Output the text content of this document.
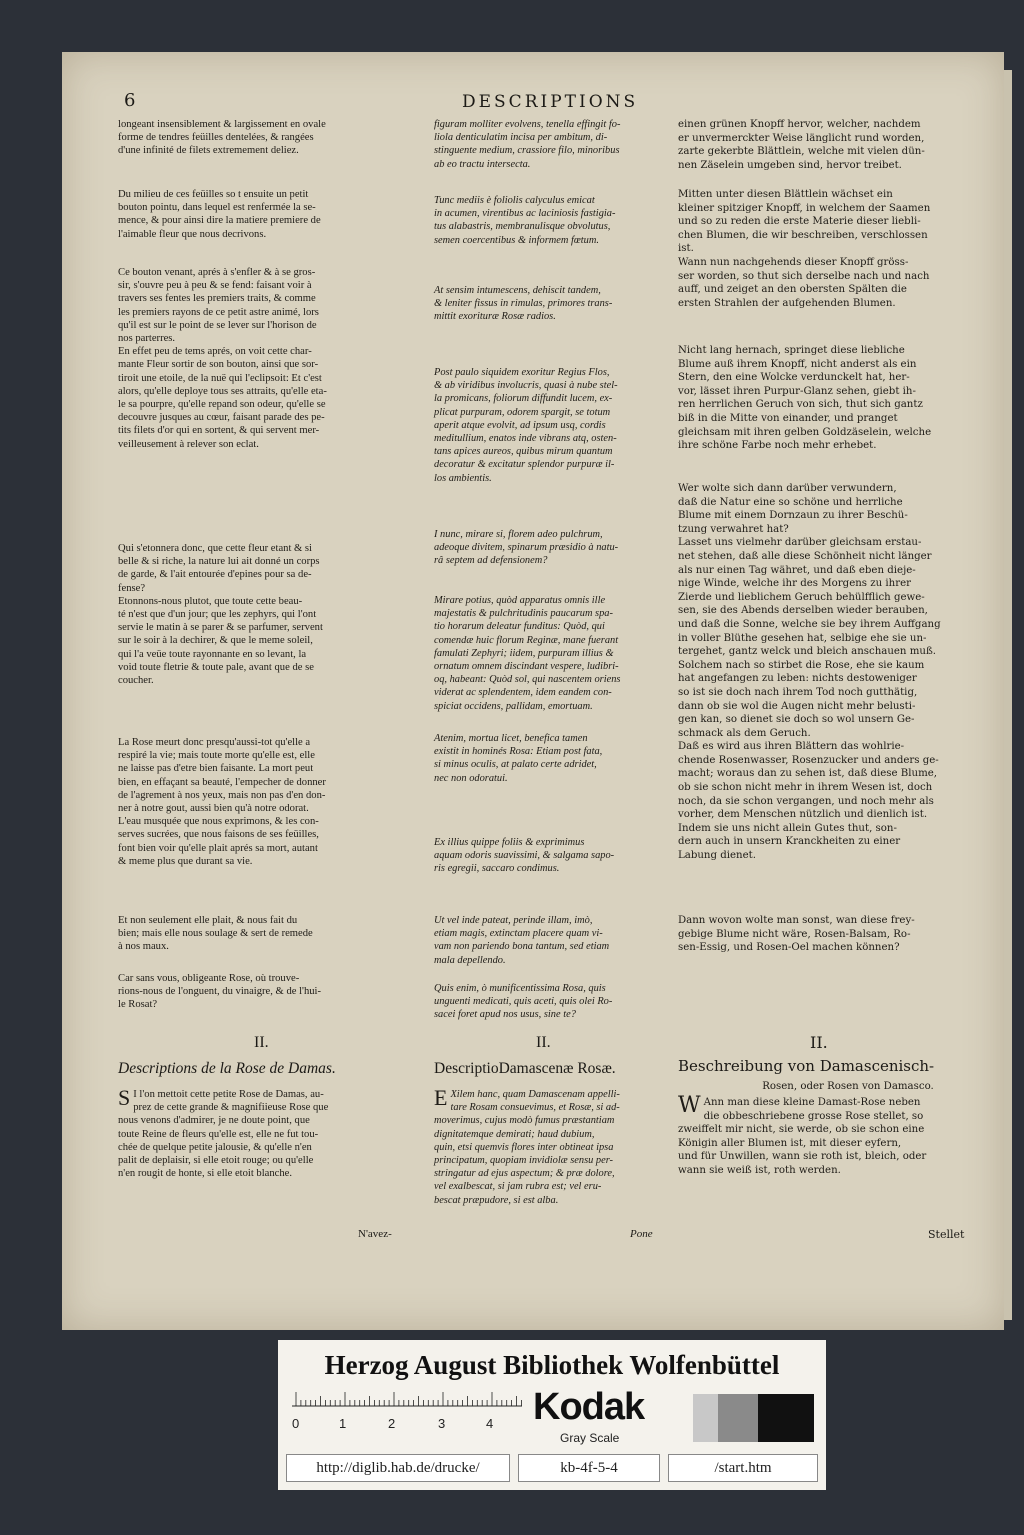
6	DESCRIPTIONS
longeant insensiblement & largissement en ovale
forme de tendres feüilles dentelées, & rangées
d'une infinité de filets extremement deliez.
Du milieu de ces feüilles so t ensuite un petit
bouton pointu, dans lequel est renfermée la se-
mence, & pour ainsi dire la matiere premiere de
l'aimable fleur que nous decrivons.
Ce bouton venant, aprés à s'enfler & à se gros-
sir, s'ouvre peu à peu & se fend: faisant voir à
travers ses fentes les premiers traits, & comme
les premiers rayons de ce petit astre animé, lors
qu'il est sur le point de se lever sur l'horison de
nos parterres.
En effet peu de tems aprés, on voit cette char-
mante Fleur sortir de son bouton, ainsi que sor-
tiroit une etoile, de la nuë qui l'eclipsoit: Et c'est
alors, qu'elle deploye tous ses attraits, qu'elle eta-
le sa pourpre, qu'elle repand son odeur, qu'elle se
decouvre jusques au cœur, faisant parade des pe-
tits filets d'or qui en sortent, & qui servent mer-
veilleusement à relever son eclat.
Qui s'etonnera donc, que cette fleur etant & si
belle & si riche, la nature lui ait donné un corps
de garde, & l'ait entourée d'epines pour sa de-
fense?
Etonnons-nous plutot, que toute cette beau-
té n'est que d'un jour; que les zephyrs, qui l'ont
servie le matin à se parer & se parfumer, servent
sur le soir à la dechirer, & que le meme soleil,
qui l'a veüe toute rayonnante en so levant, la
void toute fletrie & toute pale, avant que de se
coucher.
La Rose meurt donc presqu'aussi-tot qu'elle a
respiré la vie; mais toute morte qu'elle est, elle
ne laisse pas d'etre bien faisante. La mort peut
bien, en effaçant sa beauté, l'empecher de donner
de l'agrement à nos yeux, mais non pas d'en don-
ner à notre gout, aussi bien qu'à notre odorat.
L'eau musquée que nous exprimons, & les con-
serves sucrées, que nous faisons de ses feüilles,
font bien voir qu'elle plait aprés sa mort, autant
& meme plus que durant sa vie.
Et non seulement elle plait, & nous fait du
bien; mais elle nous soulage & sert de remede
à nos maux.
Car sans vous, obligeante Rose, où trouve-
rions-nous de l'onguent, du vinaigre, & de l'hui-
le Rosat?
II.
Descriptions de la Rose de Damas.
S I l'on mettoit cette petite Rose de Damas, au-
prez de cette grande & magnifiieuse Rose que
nous venons d'admirer, je ne doute point, que
toute Reine de fleurs qu'elle est, elle ne fut tou-
chée de quelque petite jalousie, & qu'elle n'en
palit de deplaisir, si elle etoit rouge; ou qu'elle
n'en rougit de honte, si elle etoit blanche.
N'avez-
figuram molliter evolvens, tenella effingit fo-
liola denticulatim incisa per ambitum, di-
stinguente medium, crassiore filo, minoribus
ab eo tractu intersecta.
Tunc mediis è foliolis calyculus emicat
in acumen, virentibus ac laciniosis fastigia-
tus alabastris, membranulisque obvolutus,
semen coercentibus & informem fœtum.
At sensim intumescens, dehiscit tandem,
& leniter fissus in rimulas, primores trans-
mittit exorituræ Rosæ radios.
Post paulo siquidem exoritur Regius Flos,
& ab viridibus involucris, quasi à nube stel-
la promicans, foliorum diffundit lucem, ex-
plicat purpuram, odorem spargit, se totum
aperit atque evolvit, ad ipsum usq, cordis
meditullium, enatos inde vibrans atq, osten-
tans apices aureos, quibus mirum quantum
decoratur & excitatur splendor purpuræ il-
los ambientis.
I nunc, mirare si, florem adeo pulchrum,
adeoque divitem, spinarum præsidio à natu-
râ septem ad defensionem?
Mirare potius, quòd apparatus omnis ille
majestatis & pulchritudinis paucarum spa-
tio horarum deleatur funditus: Quòd, qui
comendæ huic florum Reginæ, mane fuerant
famulati Zephyri; iidem, purpuram illius &
ornatum omnem discindant vespere, ludibri-
oq, habeant: Quòd sol, qui nascentem oriens
viderat ac splendentem, idem eandem con-
spiciat occidens, pallidam, emortuam.
Atenim, mortua licet, benefica tamen
existit in hominés Rosa: Etiam post fata,
si minus oculis, at palato certe adridet,
nec non odoratui.
Ex illius quippe foliis & exprimimus
aquam odoris suavissimi, & salgama sapo-
ris egregii, saccaro condimus.
Ut vel inde pateat, perinde illam, imò,
etiam magis, extinctam placere quam vi-
vam non pariendo bona tantum, sed etiam
mala depellendo.
Quis enim, ò munificentissima Rosa, quis
unguenti medicati, quis aceti, quis olei Ro-
sacei foret apud nos usus, sine te?
II.
DescriptioDamascenæ Rosæ.
E Xilem hanc, quam Damascenam appelli-
tare Rosam consuevimus, et Rosæ, si ad-
moverimus, cujus modò fumus præstantiam
dignitatemque demirati; haud dubium,
quin, etsi quemvis flores inter obtineat ipsa
principatum, quopiam invidiolæ sensu per-
stringatur ad ejus aspectum; & præ dolore,
vel exalbescat, si jam rubra est; vel eru-
bescat præpudore, si est alba.
Pone
einen grünen Knopff hervor, welcher, nachdem
er unvermerckter Weise länglicht rund worden,
zarte gekerbte Blättlein, welche mit vielen dün-
nen Zäselein umgeben sind, hervor treibet.
Mitten unter diesen Blättlein wächset ein
kleiner spitziger Knopff, in welchem der Saamen
und so zu reden die erste Materie dieser liebli-
chen Blumen, die wir beschreiben, verschlossen
ist.
Wann nun nachgehends dieser Knopff gröss-
ser worden, so thut sich derselbe nach und nach
auff, und zeiget an den obersten Spälten die
ersten Strahlen der aufgehenden Blumen.
Nicht lang hernach, springet diese liebliche
Blume auß ihrem Knopff, nicht anderst als ein
Stern, den eine Wolcke verdunckelt hat, her-
vor, lässet ihren Purpur-Glanz sehen, giebt ih-
ren herrlichen Geruch von sich, thut sich gantz
biß in die Mitte von einander, und pranget
gleichsam mit ihren gelben Goldzäselein, welche
ihre schöne Farbe noch mehr erhebet.
Wer wolte sich dann darüber verwundern,
daß die Natur eine so schöne und herrliche
Blume mit einem Dornzaun zu ihrer Beschü-
tzung verwahret hat?
Lasset uns vielmehr darüber gleichsam erstau-
net stehen, daß alle diese Schönheit nicht länger
als nur einen Tag währet, und daß eben dieje-
nige Winde, welche ihr des Morgens zu ihrer
Zierde und lieblichem Geruch behülfflich gewe-
sen, sie des Abends derselben wieder berauben,
und daß die Sonne, welche sie bey ihrem Auffgang
in voller Blüthe gesehen hat, selbige ehe sie un-
tergehet, gantz welck und bleich anschauen muß.
Solchem nach so stirbet die Rose, ehe sie kaum
hat angefangen zu leben: nichts destoweniger
so ist sie doch nach ihrem Tod noch gutthätig,
dann ob sie wol die Augen nicht mehr belusti-
gen kan, so dienet sie doch so wol unsern Ge-
schmack als dem Geruch.
Daß es wird aus ihren Blättern das wohlrie-
chende Rosenwasser, Rosenzucker und anders ge-
macht; woraus dan zu sehen ist, daß diese Blume,
ob sie schon nicht mehr in ihrem Wesen ist, doch
noch, da sie schon vergangen, und noch mehr als
vorher, dem Menschen nützlich und dienlich ist.
Indem sie uns nicht allein Gutes thut, son-
dern auch in unsern Kranckheiten zu einer
Labung dienet.
Dann wovon wolte man sonst, wan diese frey-
gebige Blume nicht wäre, Rosen-Balsam, Ro-
sen-Essig, und Rosen-Oel machen können?
II.
Beschreibung von Damascenisch-
Rosen, oder Rosen von Damasco.
W Ann man diese kleine Damast-Rose neben
die obbeschriebene grosse Rose stellet, so
zweiffelt mir nicht, sie werde, ob sie schon eine
Königin aller Blumen ist, mit dieser eyfern,
und für Unwillen, wann sie roth ist, bleich, oder
wann sie weiß ist, roth werden.
Stellet
Herzog August Bibliothek Wolfenbüttel
0	1	2	3	4 Kodak
Gray Scale
http://diglib.hab.de/drucke/	kb-4f-5-4	/start.htm
